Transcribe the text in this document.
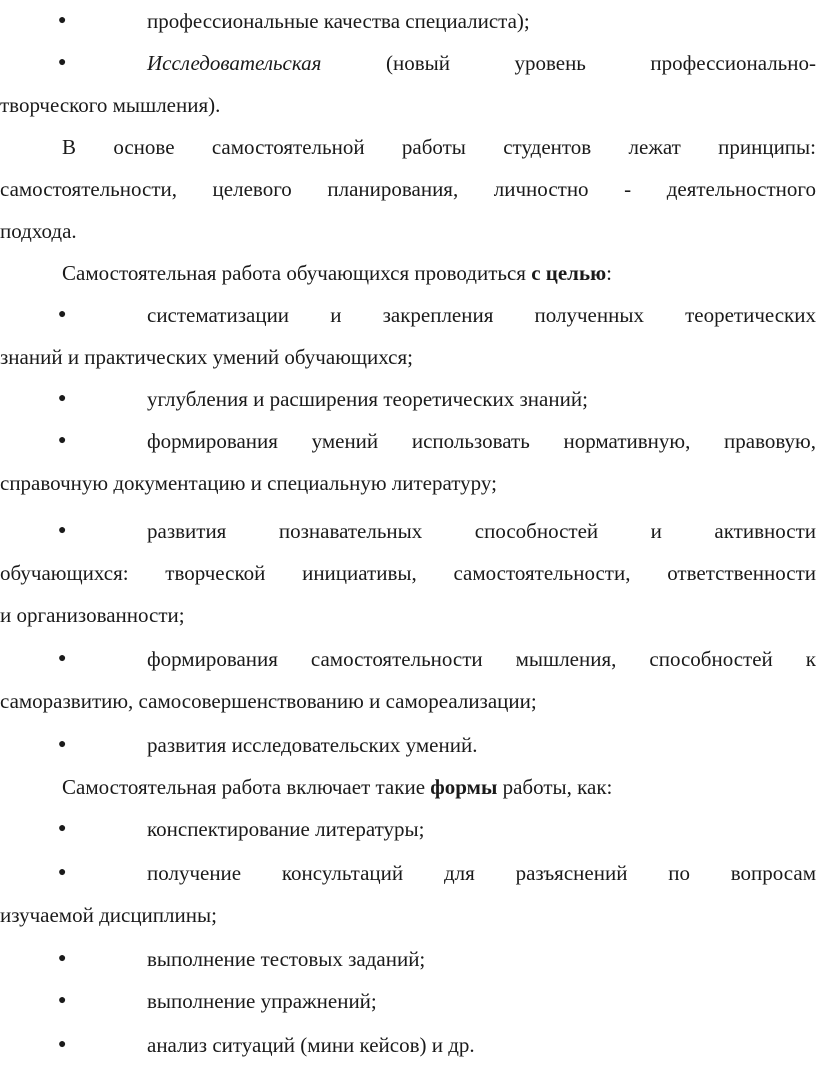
●
профессиональные качества специалиста);
●
Исследовательская (новый уровень профессионально-
творческого мышления).
В основе самостоятельной работы студентов лежат принципы:
самостоятельности, целевого планирования, личностно - деятельностного
подхода.
Самостоятельная работа обучающихся проводиться с целью:
●
систематизации и закрепления полученных теоретических
знаний и практических умений обучающихся;
●
углубления и расширения теоретических знаний;
●
формирования умений использовать нормативную, правовую,
справочную документацию и специальную литературу;
●
развития познавательных способностей и активности
обучающихся: творческой инициативы, самостоятельности, ответственности
и организованности;
●
формирования самостоятельности мышления, способностей к
саморазвитию, самосовершенствованию и самореализации;
●
развития исследовательских умений.
Самостоятельная работа включает такие формы работы, как:
●
конспектирование литературы;
●
получение консультаций для разъяснений по вопросам
изучаемой дисциплины;
●
выполнение тестовых заданий;
●
выполнение упражнений;
●
анализ ситуаций (мини кейсов) и др.
